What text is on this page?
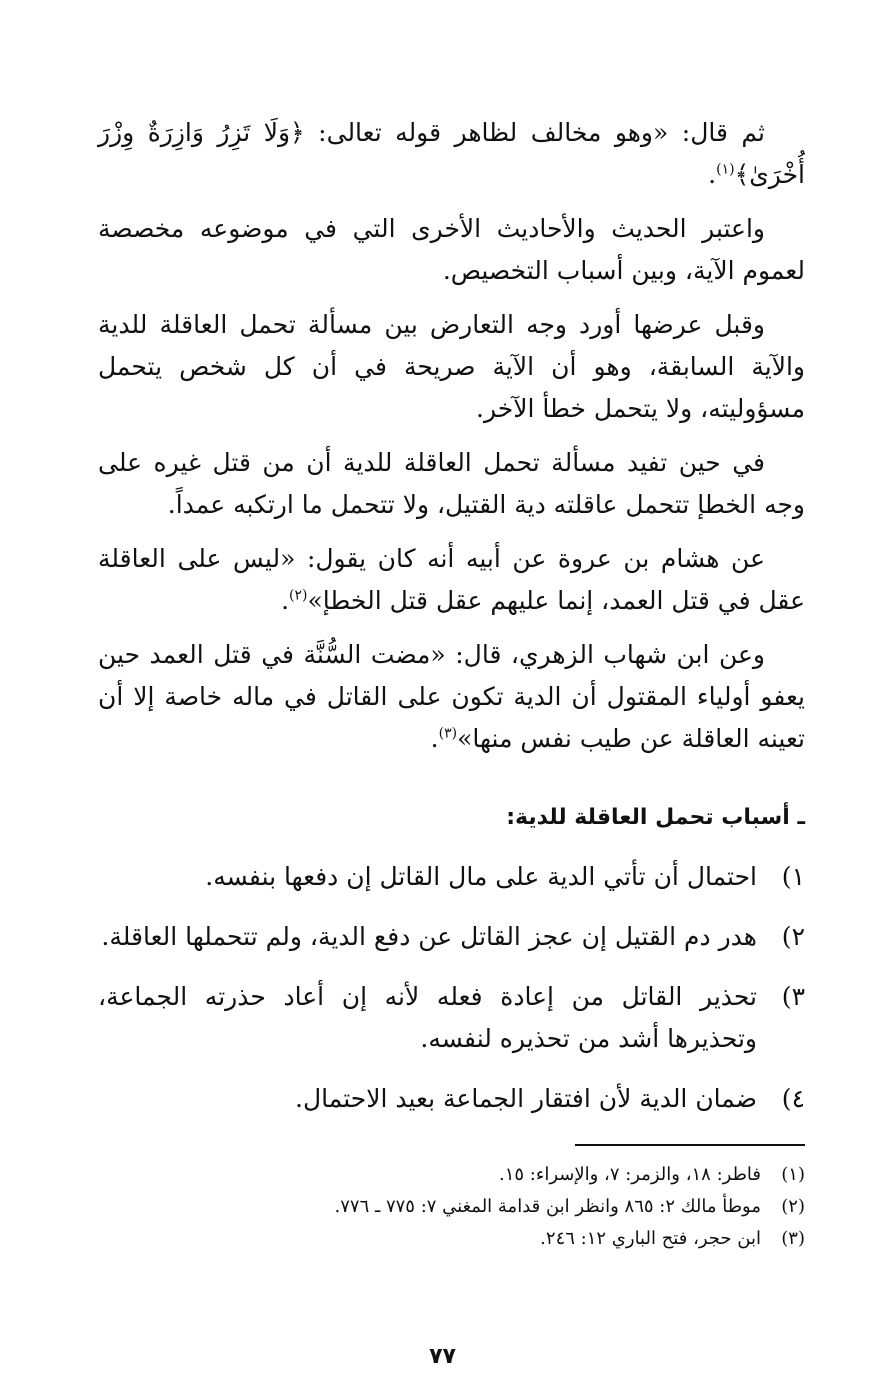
ثم قال: «وهو مخالف لظاهر قوله تعالى: ﴿وَلَا تَزِرُ وَازِرَةٌ وِزْرَ أُخْرَىٰ﴾$^{(١)}$.

واعتبر الحديث والأحاديث الأخرى التي في موضوعه مخصصة لعموم الآية، وبين أسباب التخصيص.

وقبل عرضها أورد وجه التعارض بين مسألة تحمل العاقلة للدية والآية السابقة، وهو أن الآية صريحة في أن كل شخص يتحمل مسؤوليته، ولا يتحمل خطأ الآخر.

في حين تفيد مسألة تحمل العاقلة للدية أن من قتل غيره على وجه الخطإ تتحمل عاقلته دية القتيل، ولا تتحمل ما ارتكبه عمداً.

عن هشام بن عروة عن أبيه أنه كان يقول: «ليس على العاقلة عقل في قتل العمد، إنما عليهم عقل قتل الخطإ»$^{(٢)}$.

وعن ابن شهاب الزهري، قال: «مضت السُّنَّة في قتل العمد حين يعفو أولياء المقتول أن الدية تكون على القاتل في ماله خاصة إلا أن تعينه العاقلة عن طيب نفس منها»$^{(٣)}$.

ـ أسباب تحمل العاقلة للدية:
١)
احتمال أن تأتي الدية على مال القاتل إن دفعها بنفسه.
٢)
هدر دم القتيل إن عجز القاتل عن دفع الدية، ولم تتحملها العاقلة.
٣)
تحذير القاتل من إعادة فعله لأنه إن أعاد حذرته الجماعة، وتحذيرها أشد من تحذيره لنفسه.
٤)
ضمان الدية لأن افتقار الجماعة بعيد الاحتمال.
(١)
فاطر: ١٨، والزمر: ٧، والإسراء: ١٥.
(٢)
موطأ مالك ٢: ٨٦٥ وانظر ابن قدامة المغني ٧: ٧٧٥ ـ ٧٧٦.
(٣)
ابن حجر، فتح الباري ١٢: ٢٤٦.
٧٧
